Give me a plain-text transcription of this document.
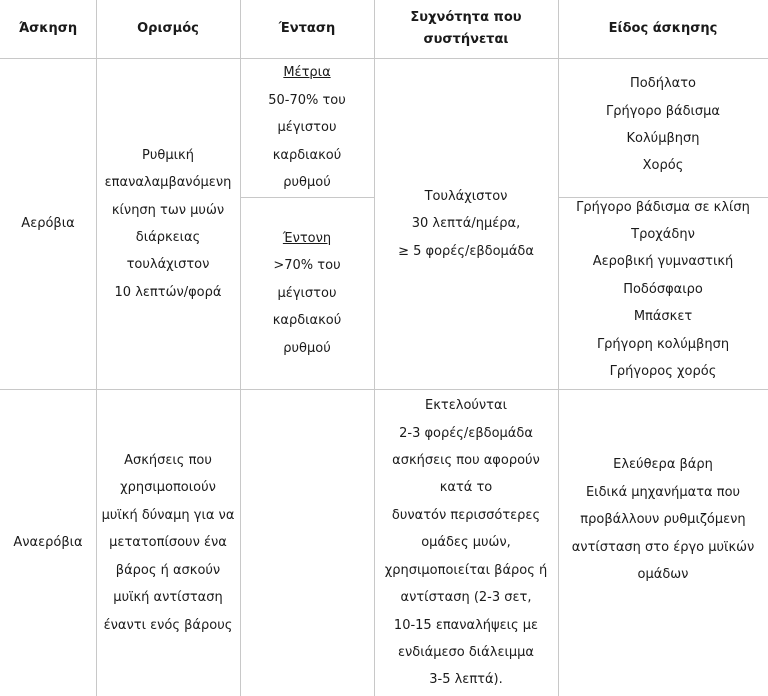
Άσκηση	Ορισμός	Ένταση
Συχνότητα που
συστήνεται
Είδος άσκησης
Αερόβια
Ρυθμική
επαναλαμβανόμενη
κίνηση των μυών
διάρκειας
τουλάχιστον
10 λεπτών/φορά
Μέτρια
50-70% του
μέγιστου
καρδιακού
ρυθμού
Έντονη
>70% του
μέγιστου
καρδιακού
ρυθμού
Τουλάχιστον
30 λεπτά/ημέρα,
≥ 5 φορές/εβδομάδα
Ποδήλατο
Γρήγορο βάδισμα
Κολύμβηση
Χορός
Γρήγορο βάδισμα σε κλίση
Τροχάδην
Αεροβική γυμναστική
Ποδόσφαιρο
Μπάσκετ
Γρήγορη κολύμβηση
Γρήγορος χορός
Αναερόβια
Ασκήσεις που
χρησιμοποιούν
μυϊκή δύναμη για να
μετατοπίσουν ένα
βάρος ή ασκούν
μυϊκή αντίσταση
έναντι ενός βάρους
Εκτελούνται
2-3 φορές/εβδομάδα
ασκήσεις που αφορούν
κατά το
δυνατόν περισσότερες
ομάδες μυών,
χρησιμοποιείται βάρος ή
αντίσταση (2-3 σετ,
10-15 επαναλήψεις με
ενδιάμεσο διάλειμμα
3-5 λεπτά).
Ελεύθερα βάρη
Ειδικά μηχανήματα που
προβάλλουν ρυθμιζόμενη
αντίσταση στο έργο μυϊκών
ομάδων
